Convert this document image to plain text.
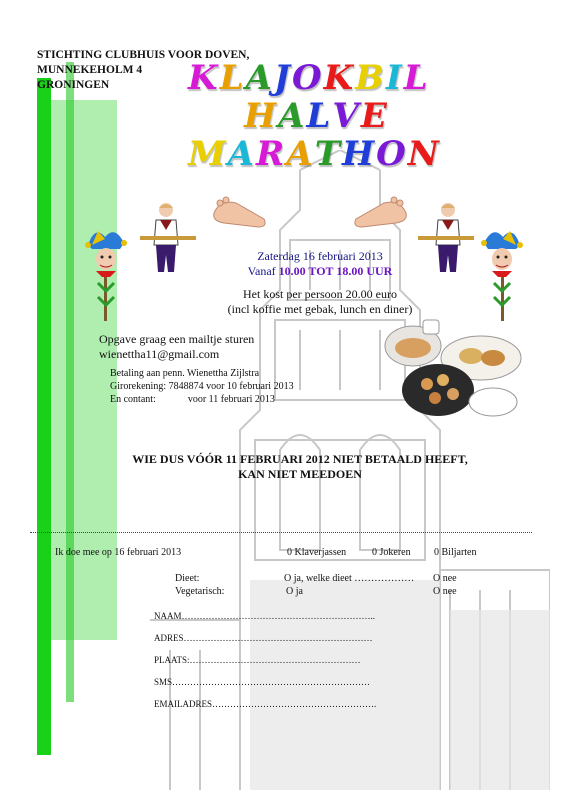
STICHTING CLUBHUIS VOOR DOVEN,
MUNNEKEHOLM 4
GRONINGEN	KLAJOKBIL
HALVE
MARATHON
Zaterdag 16 februari 2013
Vanaf 10.00 TOT 18.00 UUR
Het kost per persoon 20.00 euro
(incl koffie met gebak, lunch en diner)
Opgave graag een mailtje sturen
wienettha11@gmail.com
Betaling aan penn. Wienettha Zijlstra
Girorekening: 7848874 voor 10 februari 2013
En contant:	voor 11 februari 2013
WIE DUS VÓÓR 11 FEBRUARI 2012 NIET BETAALD HEEFT,
KAN NIET MEEDOEN
Ik doe mee op 16 februari 2013	0 Klaverjassen	0 Jokeren 0 Biljarten
Dieet:	O ja, welke dieet ……………… O nee
Vegetarisch:	O ja	O nee
NAAM………………………………………………………..
ADRES………………………………………………………
PLAATS:…………………………………………………
SMS…………………………………………………………
EMAILADRES……………………………………………….
